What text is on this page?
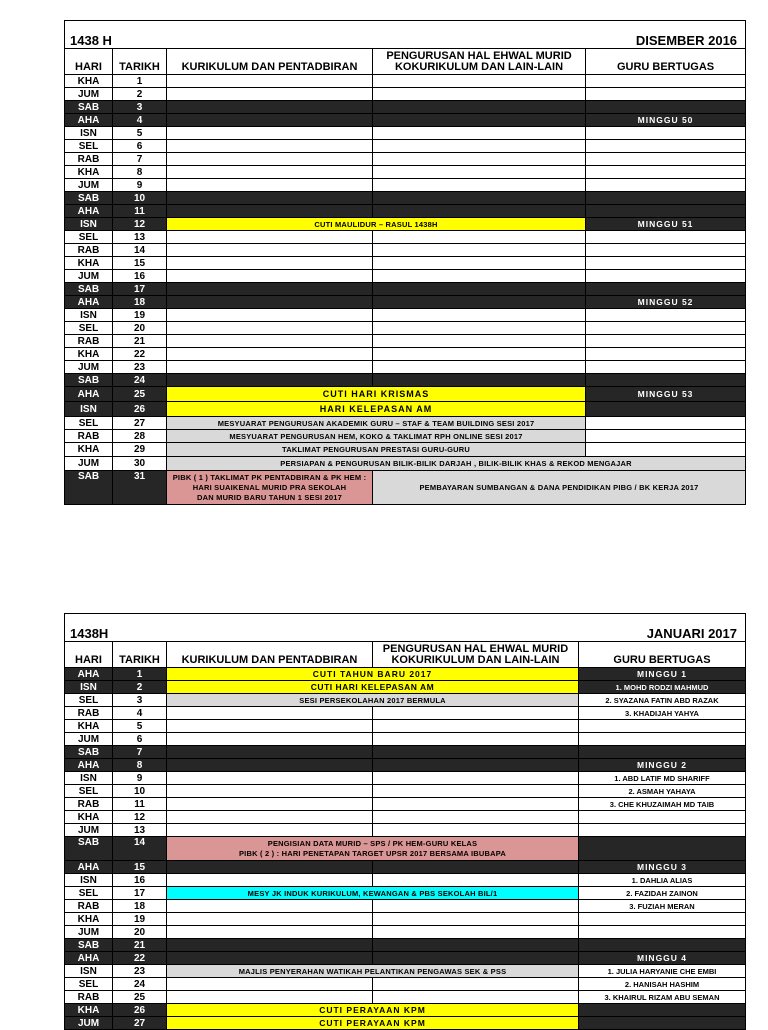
1438 H		DISEMBER 2016		
HARI	TARIKH	KURIKULUM DAN PENTADBIRAN	PENGURUSAN HAL EHWAL MURID
KOKURIKULUM DAN LAIN-LAIN	GURU BERTUGAS
KHA	1			
JUM	2			
SAB	3			
AHA	4			MINGGU 50
ISN	5			
SEL	6			
RAB	7			
KHA	8			
JUM	9			
SAB	10			
AHA	11			
ISN	12	CUTI MAULIDUR – RASUL 1438H		MINGGU 51
SEL	13			
RAB	14			
KHA	15			
JUM	16			
SAB	17			
AHA	18			MINGGU 52
ISN	19			
SEL	20			
RAB	21			
KHA	22			
JUM	23			
SAB	24			
AHA	25	CUTI HARI KRISMAS		MINGGU 53
ISN	26	HARI KELEPASAN AM		
SEL	27	MESYUARAT PENGURUSAN AKADEMIK GURU – STAF & TEAM BUILDING SESI 2017		
RAB	28	MESYUARAT PENGURUSAN HEM, KOKO & TAKLIMAT RPH ONLINE SESI 2017		
KHA	29	TAKLIMAT PENGURUSAN PRESTASI GURU-GURU		
JUM	30	PERSIAPAN & PENGURUSAN BILIK-BILIK DARJAH , BILIK-BILIK KHAS & REKOD MENGAJAR		
SAB	31	PIBK ( 1 ) TAKLIMAT PK PENTADBIRAN & PK HEM :
HARI SUAIKENAL MURID PRA SEKOLAH
DAN MURID BARU TAHUN 1 SESI 2017	PEMBAYARAN SUMBANGAN & DANA PENDIDIKAN PIBG / BK KERJA 2017	
1438H		JANUARI 2017		
HARI	TARIKH	KURIKULUM DAN PENTADBIRAN	PENGURUSAN HAL EHWAL MURID
KOKURIKULUM DAN LAIN-LAIN	GURU BERTUGAS
AHA	1	CUTI TAHUN BARU 2017		MINGGU 1
ISN	2	CUTI HARI KELEPASAN AM		1. MOHD RODZI MAHMUD
SEL	3	SESI PERSEKOLAHAN 2017 BERMULA		2. SYAZANA FATIN ABD RAZAK
RAB	4			3. KHADIJAH YAHYA
KHA	5			
JUM	6			
SAB	7			
AHA	8			MINGGU 2
ISN	9			1. ABD LATIF MD SHARIFF
SEL	10			2. ASMAH YAHAYA
RAB	11			3. CHE KHUZAIMAH MD TAIB
KHA	12			
JUM	13			
SAB	14	PENGISIAN DATA MURID – SPS / PK HEM-GURU KELAS
PIBK ( 2 ) : HARI PENETAPAN TARGET UPSR 2017 BERSAMA IBUBAPA		

AHA	15			MINGGU 3
ISN	16			1. DAHLIA ALIAS
SEL	17	MESY JK INDUK KURIKULUM, KEWANGAN & PBS SEKOLAH BIL/1		2. FAZIDAH ZAINON
RAB	18			3. FUZIAH MERAN
KHA	19			
JUM	20			
SAB	21			
AHA	22			MINGGU 4
ISN	23	MAJLIS PENYERAHAN WATIKAH PELANTIKAN PENGAWAS SEK & PSS		1. JULIA HARYANIE CHE EMBI
SEL	24			2. HANISAH HASHIM
RAB	25			3. KHAIRUL RIZAM ABU SEMAN
KHA	26	CUTI PERAYAAN KPM		
JUM	27	CUTI PERAYAAN KPM		
